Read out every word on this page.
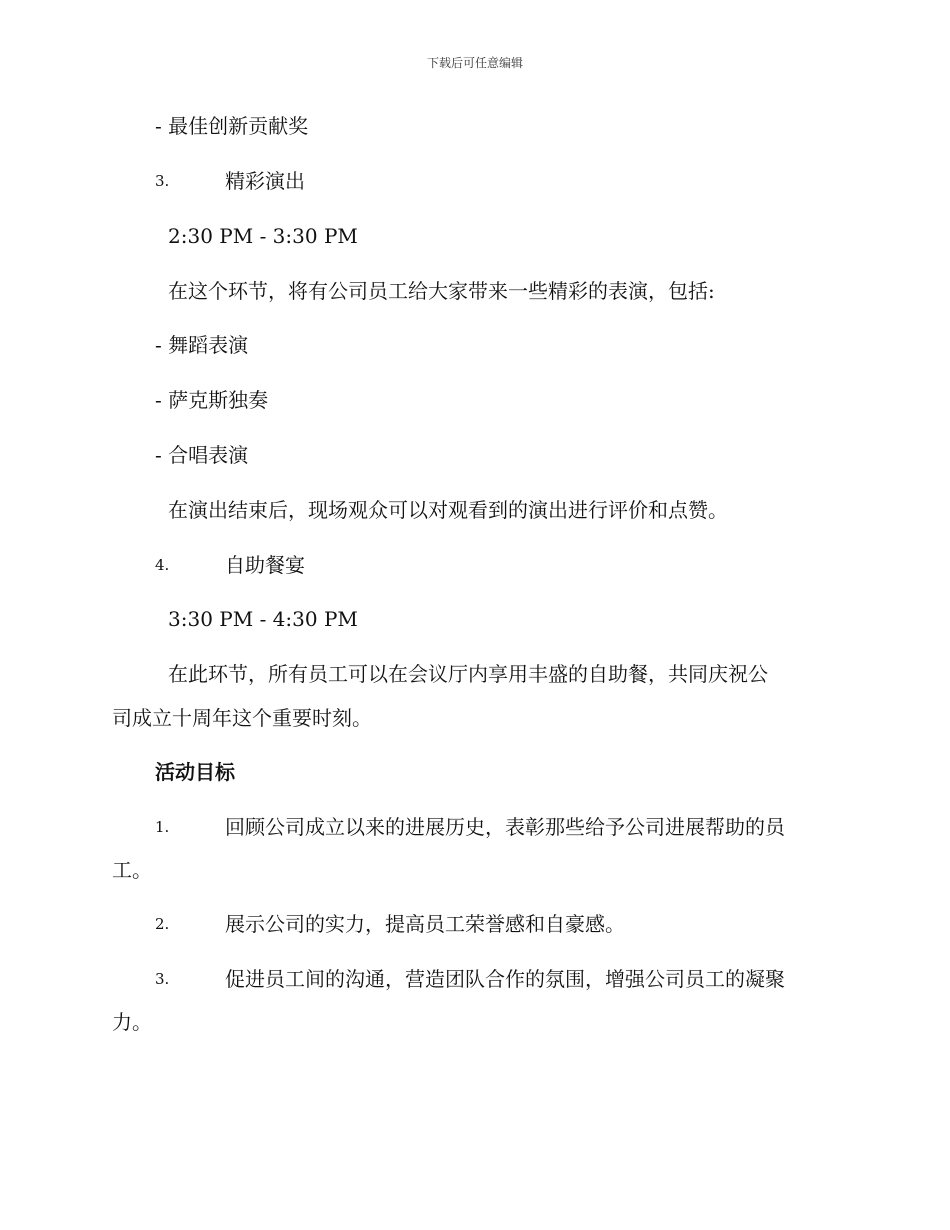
下载后可任意编辑
- 最佳创新贡献奖
3.	精彩演出
2:30 PM - 3:30 PM
在这个环节，将有公司员工给大家带来一些精彩的表演，包括:
- 舞蹈表演
- 萨克斯独奏
- 合唱表演
在演出结束后，现场观众可以对观看到的演出进行评价和点赞。
4.	自助餐宴
3:30 PM - 4:30 PM
在此环节，所有员工可以在会议厅内享用丰盛的自助餐，共同庆祝公
司成立十周年这个重要时刻。
活动目标
1.	回顾公司成立以来的进展历史，表彰那些给予公司进展帮助的员
工。
2.	展示公司的实力，提高员工荣誉感和自豪感。
3.	促进员工间的沟通，营造团队合作的氛围，增强公司员工的凝聚
力。
